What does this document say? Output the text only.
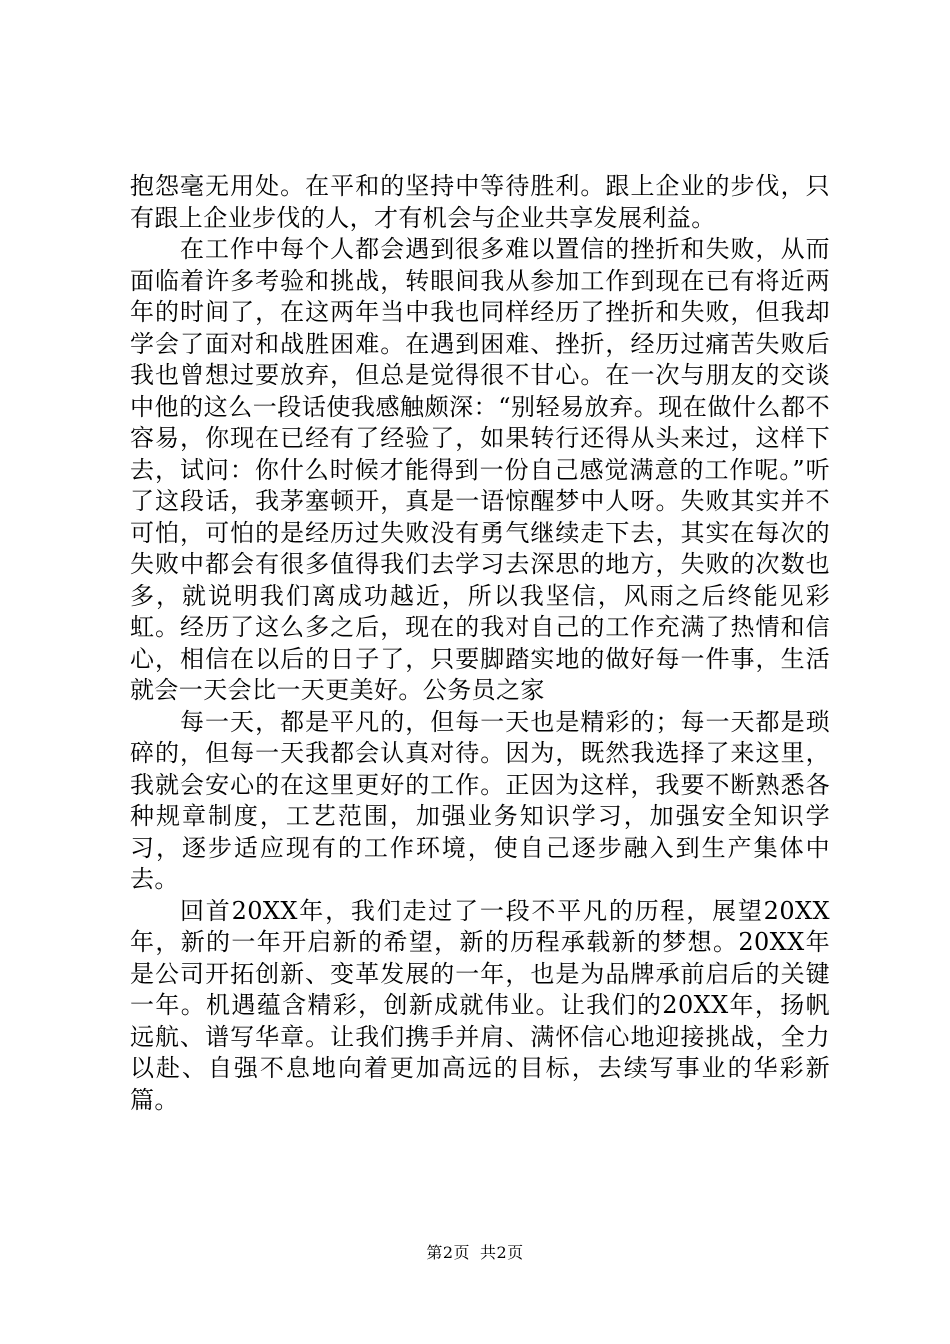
抱怨毫无用处。在平和的坚持中等待胜利。跟上企业的步伐，只有跟上企业步伐的人，才有机会与企业共享发展利益。

在工作中每个人都会遇到很多难以置信的挫折和失败，从而面临着许多考验和挑战，转眼间我从参加工作到现在已有将近两年的时间了，在这两年当中我也同样经历了挫折和失败，但我却学会了面对和战胜困难。在遇到困难、挫折，经历过痛苦失败后我也曾想过要放弃，但总是觉得很不甘心。在一次与朋友的交谈中他的这么一段话使我感触颇深：“别轻易放弃。现在做什么都不容易，你现在已经有了经验了，如果转行还得从头来过，这样下去，试问：你什么时候才能得到一份自己感觉满意的工作呢。”听了这段话，我茅塞顿开，真是一语惊醒梦中人呀。失败其实并不可怕，可怕的是经历过失败没有勇气继续走下去，其实在每次的失败中都会有很多值得我们去学习去深思的地方，失败的次数也多，就说明我们离成功越近，所以我坚信，风雨之后终能见彩虹。经历了这么多之后，现在的我对自己的工作充满了热情和信心，相信在以后的日子了，只要脚踏实地的做好每一件事，生活就会一天会比一天更美好。公务员之家

每一天，都是平凡的，但每一天也是精彩的；每一天都是琐碎的，但每一天我都会认真对待。因为，既然我选择了来这里，我就会安心的在这里更好的工作。正因为这样，我要不断熟悉各种规章制度，工艺范围，加强业务知识学习，加强安全知识学习，逐步适应现有的工作环境，使自己逐步融入到生产集体中去。

回首20XX年，我们走过了一段不平凡的历程，展望20XX年，新的一年开启新的希望，新的历程承载新的梦想。20XX年是公司开拓创新、变革发展的一年，也是为品牌承前启后的关键一年。机遇蕴含精彩，创新成就伟业。让我们的20XX年，扬帆远航、谱写华章。让我们携手并肩、满怀信心地迎接挑战，全力以赴、自强不息地向着更加高远的目标，去续写事业的华彩新篇。

第2页 共2页
